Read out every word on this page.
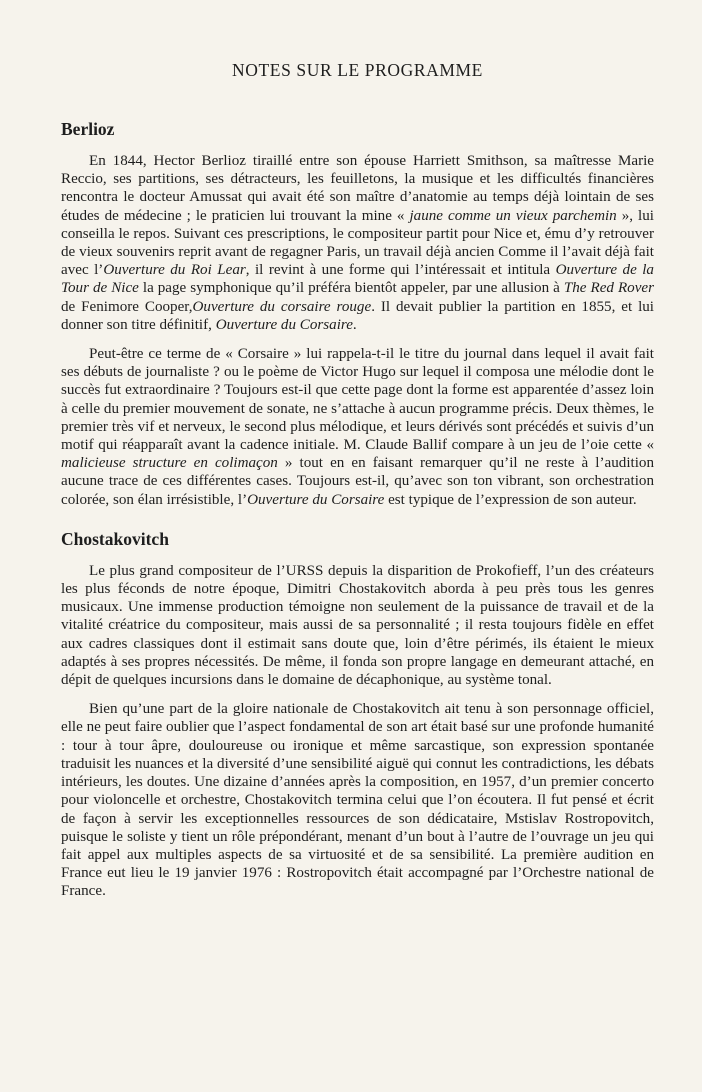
NOTES SUR LE PROGRAMME
Berlioz

En 1844, Hector Berlioz tiraillé entre son épouse Harriett Smithson, sa maîtresse Marie Reccio, ses partitions, ses détracteurs, les feuilletons, la musique et les difficultés financières rencontra le docteur Amussat qui avait été son maître d’anatomie au temps déjà lointain de ses études de médecine ; le praticien lui trouvant la mine « jaune comme un vieux parchemin », lui conseilla le repos. Suivant ces prescriptions, le compositeur partit pour Nice et, ému d’y retrouver de vieux souvenirs reprit avant de regagner Paris, un travail déjà ancien Comme il l’avait déjà fait avec l’Ouverture du Roi Lear, il revint à une forme qui l’intéressait et intitula Ouverture de la Tour de Nice la page symphonique qu’il préféra bientôt appeler, par une allusion à The Red Rover de Fenimore Cooper,Ouverture du corsaire rouge. Il devait publier la partition en 1855, et lui donner son titre définitif, Ouverture du Corsaire.

Peut-être ce terme de « Corsaire » lui rappela-t-il le titre du journal dans lequel il avait fait ses débuts de journaliste ? ou le poème de Victor Hugo sur lequel il composa une mélodie dont le succès fut extraordinaire ? Toujours est-il que cette page dont la forme est apparentée d’assez loin à celle du premier mouvement de sonate, ne s’attache à aucun programme précis. Deux thèmes, le premier très vif et nerveux, le second plus mélodique, et leurs dérivés sont précédés et suivis d’un motif qui réapparaît avant la cadence initiale. M. Claude Ballif compare à un jeu de l’oie cette « malicieuse structure en colimaçon » tout en en faisant remarquer qu’il ne reste à l’audition aucune trace de ces différentes cases. Toujours est-il, qu’avec son ton vibrant, son orchestration colorée, son élan irrésistible, l’Ouverture du Corsaire est typique de l’expression de son auteur.

Chostakovitch

Le plus grand compositeur de l’URSS depuis la disparition de Prokofieff, l’un des créateurs les plus féconds de notre époque, Dimitri Chostakovitch aborda à peu près tous les genres musicaux. Une immense production témoigne non seulement de la puissance de travail et de la vitalité créatrice du compositeur, mais aussi de sa personnalité ; il resta toujours fidèle en effet aux cadres classiques dont il estimait sans doute que, loin d’être périmés, ils étaient le mieux adaptés à ses propres nécessités. De même, il fonda son propre langage en demeurant attaché, en dépit de quelques incursions dans le domaine de décaphonique, au système tonal.

Bien qu’une part de la gloire nationale de Chostakovitch ait tenu à son personnage officiel, elle ne peut faire oublier que l’aspect fondamental de son art était basé sur une profonde humanité : tour à tour âpre, douloureuse ou ironique et même sarcastique, son expression spontanée traduisit les nuances et la diversité d’une sensibilité aiguë qui connut les contradictions, les débats intérieurs, les doutes. Une dizaine d’années après la composition, en 1957, d’un premier concerto pour violoncelle et orchestre, Chostakovitch termina celui que l’on écoutera. Il fut pensé et écrit de façon à servir les exceptionnelles ressources de son dédicataire, Mstislav Rostropovitch, puisque le soliste y tient un rôle prépondérant, menant d’un bout à l’autre de l’ouvrage un jeu qui fait appel aux multiples aspects de sa virtuosité et de sa sensibilité. La première audition en France eut lieu le 19 janvier 1976 : Rostropovitch était accompagné par l’Orchestre national de France.
